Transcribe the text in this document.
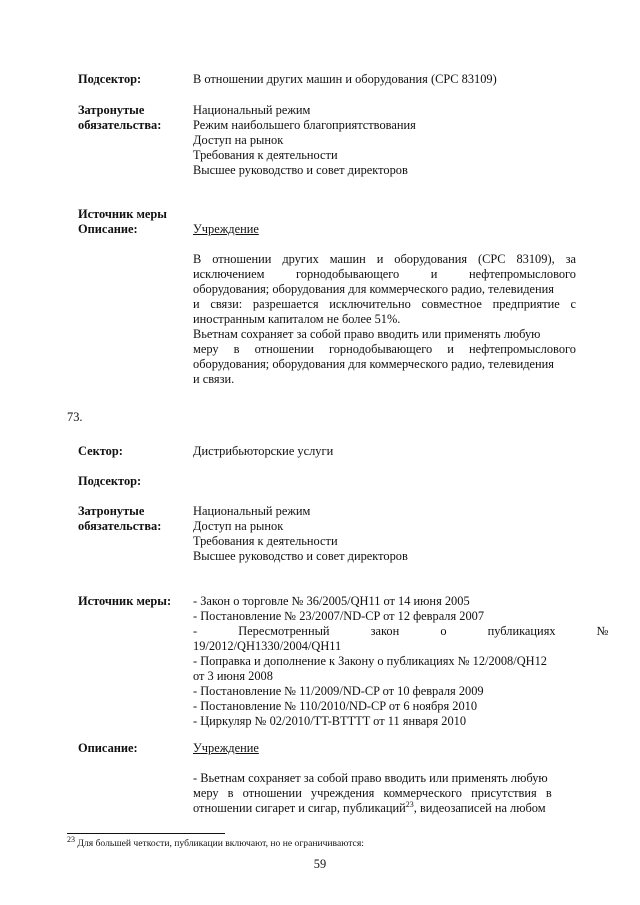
Подсектор:	В отношении других машин и оборудования (CPC 83109)
Затронутые
обязательства:
Национальный режим
Режим наибольшего благоприятствования
Доступ на рынок
Требования к деятельности
Высшее руководство и совет директоров
Источник меры
Описание:	Учреждение
В отношении других машин и оборудования (CPC 83109), за
исключением горнодобывающего и нефтепромыслового
оборудования; оборудования для коммерческого радио, телевидения
и связи: разрешается исключительно совместное предприятие с
иностранным капиталом не более 51%.
Вьетнам сохраняет за собой право вводить или применять любую
меру в отношении горнодобывающего и нефтепромыслового
оборудования; оборудования для коммерческого радио, телевидения
и связи.
73.
Сектор:	Дистрибьюторские услуги
Подсектор:
Затронутые
обязательства:
Национальный режим
Доступ на рынок
Требования к деятельности
Высшее руководство и совет директоров
Источник меры: - Закон о торговле № 36/2005/QH11 от 14 июня 2005
- Постановление № 23/2007/ND-CP от 12 февраля 2007
- Пересмотренный закон о публикациях №
19/2012/QH1330/2004/QH11
- Поправка и дополнение к Закону о публикациях № 12/2008/QH12
от 3 июня 2008
- Постановление № 11/2009/ND-CP от 10 февраля 2009
- Постановление № 110/2010/ND-CP от 6 ноября 2010
- Циркуляр № 02/2010/TT-BTTTT от 11 января 2010
Описание:	Учреждение
- Вьетнам сохраняет за собой право вводить или применять любую
меру в отношении учреждения коммерческого присутствия в
отношении сигарет и сигар, публикаций$^{23}$, видеозаписей на любом
$^{23}$ Для большей четкости, публикации включают, но не ограничиваются:
59
